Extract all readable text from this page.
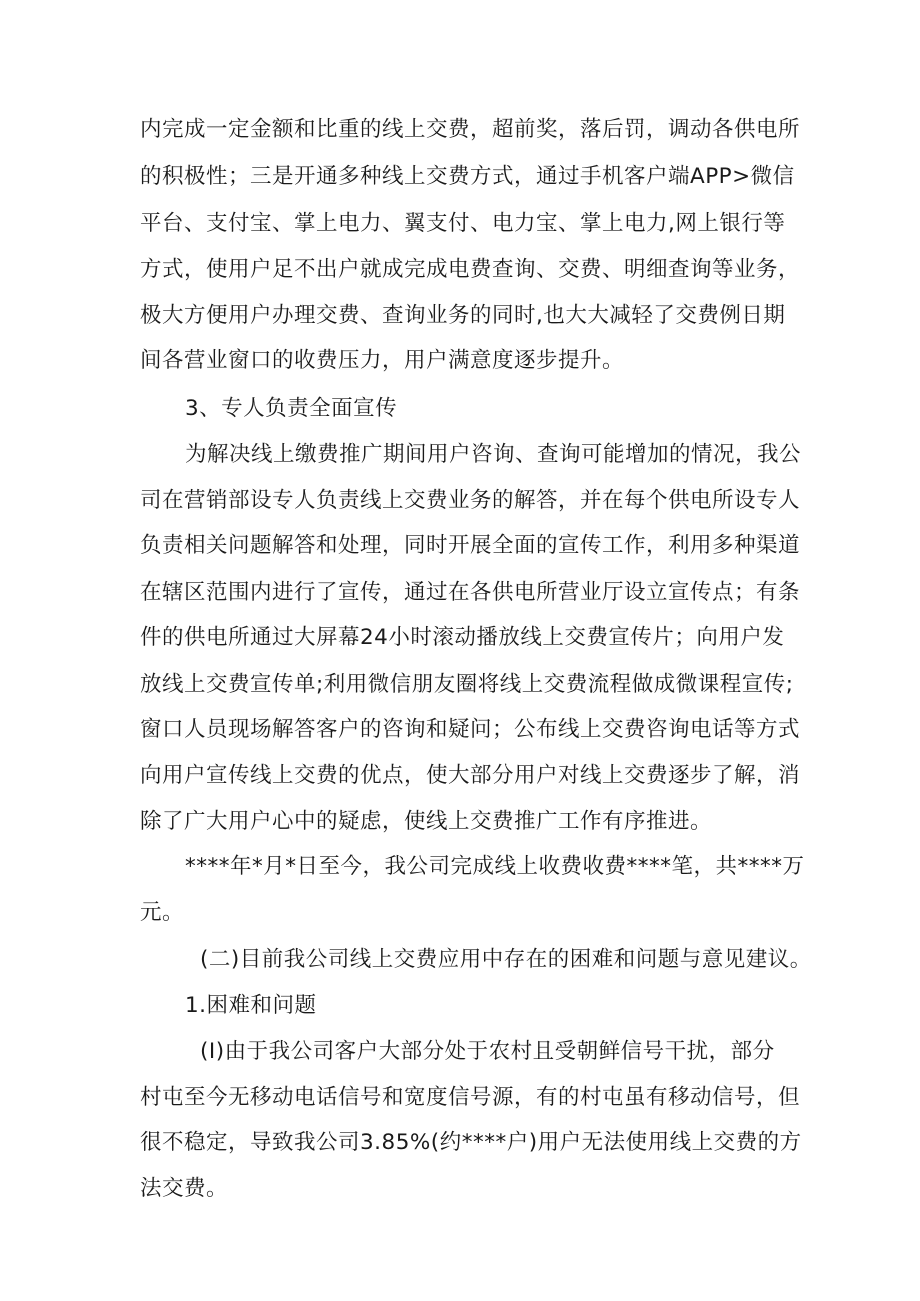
内完成一定金额和比重的线上交费，超前奖，落后罚，调动各供电所
的积极性；三是开通多种线上交费方式，通过手机客户端APP>微信
平台、支付宝、掌上电力、翼支付、电力宝、掌上电力,网上银行等
方式，使用户足不出户就成完成电费查询、交费、明细查询等业务，
极大方便用户办理交费、查询业务的同时,也大大减轻了交费例日期
间各营业窗口的收费压力，用户满意度逐步提升。
3、专人负责全面宣传
为解决线上缴费推广期间用户咨询、查询可能增加的情况，我公
司在营销部设专人负责线上交费业务的解答，并在每个供电所设专人
负责相关问题解答和处理，同时开展全面的宣传工作，利用多种渠道
在辖区范围内进行了宣传，通过在各供电所营业厅设立宣传点；有条
件的供电所通过大屏幕24小时滚动播放线上交费宣传片；向用户发
放线上交费宣传单;利用微信朋友圈将线上交费流程做成微课程宣传;
窗口人员现场解答客户的咨询和疑问；公布线上交费咨询电话等方式
向用户宣传线上交费的优点，使大部分用户对线上交费逐步了解，消
除了广大用户心中的疑虑，使线上交费推广工作有序推进。
****年*月*日至今，我公司完成线上收费收费****笔，共****万
元。
(二)目前我公司线上交费应用中存在的困难和问题与意见建议。
1.困难和问题
(I)由于我公司客户大部分处于农村且受朝鲜信号干扰，部分
村屯至今无移动电话信号和宽度信号源，有的村屯虽有移动信号，但
很不稳定，导致我公司3.85%(约****户)用户无法使用线上交费的方
法交费。
